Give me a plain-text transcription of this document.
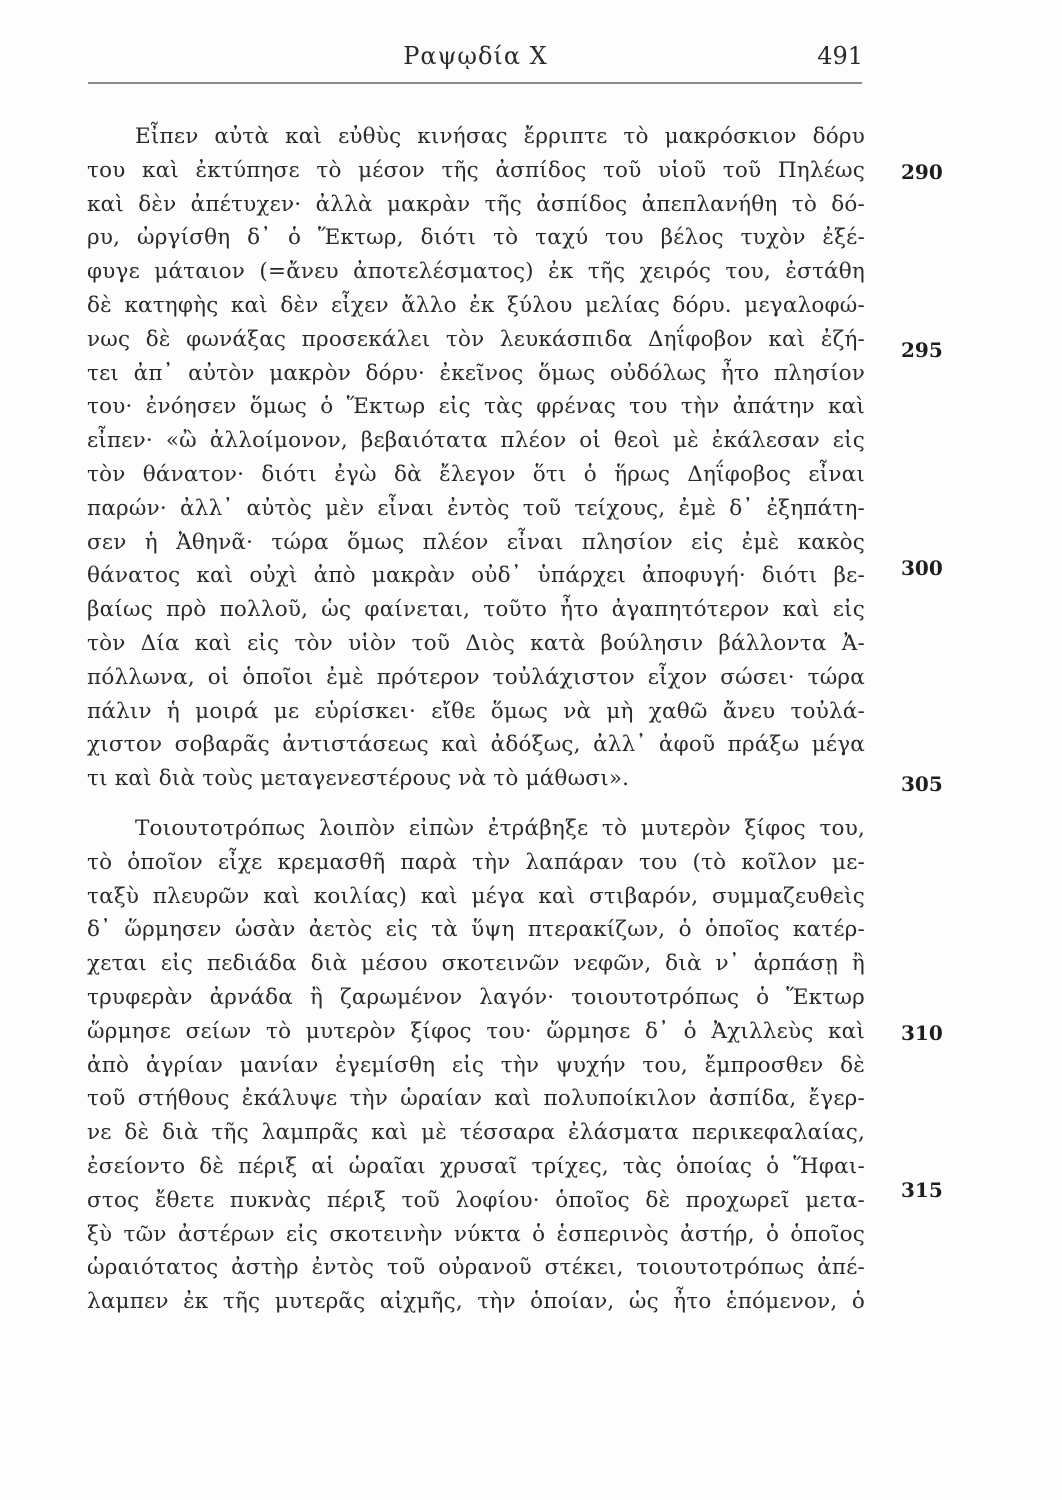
Ραψῳδία Χ	491
Εἶπεν αὐτὰ καὶ εὐθὺς κινήσας ἔρριπτε τὸ μακρόσκιον δόρυ
του καὶ ἐκτύπησε τὸ μέσον τῆς ἀσπίδος τοῦ υἱοῦ τοῦ Πηλέως
καὶ δὲν ἀπέτυχεν· ἀλλὰ μακρὰν τῆς ἀσπίδος ἀπεπλανήθη τὸ δό-
ρυ, ὠργίσθη δ᾽ ὁ Ἕκτωρ, διότι τὸ ταχύ του βέλος τυχὸν ἐξέ-
φυγε μάταιον (=ἄνευ ἀποτελέσματος) ἐκ τῆς χειρός του, ἐστάθη
δὲ κατηφὴς καὶ δὲν εἶχεν ἄλλο ἐκ ξύλου μελίας δόρυ. μεγαλοφώ-
νως δὲ φωνάξας προσεκάλει τὸν λευκάσπιδα Δηΐφοβον καὶ ἐζή-
τει ἀπ᾽ αὐτὸν μακρὸν δόρυ· ἐκεῖνος ὅμως οὐδόλως ἦτο πλησίον
του· ἐνόησεν ὅμως ὁ Ἕκτωρ εἰς τὰς φρένας του τὴν ἀπάτην καὶ
εἶπεν· «ὢ ἀλλοίμονον, βεβαιότατα πλέον οἱ θεοὶ μὲ ἐκάλεσαν εἰς
τὸν θάνατον· διότι ἐγὼ δὰ ἔλεγον ὅτι ὁ ἥρως Δηΐφοβος εἶναι
παρών· ἀλλ᾽ αὐτὸς μὲν εἶναι ἐντὸς τοῦ τείχους, ἐμὲ δ᾽ ἐξηπάτη-
σεν ἡ Ἀθηνᾶ· τώρα ὅμως πλέον εἶναι πλησίον εἰς ἐμὲ κακὸς
θάνατος καὶ οὐχὶ ἀπὸ μακρὰν οὐδ᾽ ὑπάρχει ἀποφυγή· διότι βε-
βαίως πρὸ πολλοῦ, ὡς φαίνεται, τοῦτο ἦτο ἀγαπητότερον καὶ εἰς
τὸν Δία καὶ εἰς τὸν υἱὸν τοῦ Διὸς κατὰ βούλησιν βάλλοντα Ἀ-
πόλλωνα, οἱ ὁποῖοι ἐμὲ πρότερον τοὐλάχιστον εἶχον σώσει· τώρα
πάλιν ἡ μοιρά με εὑρίσκει· εἴθε ὅμως νὰ μὴ χαθῶ ἄνευ τοὐλά-
χιστον σοβαρᾶς ἀντιστάσεως καὶ ἀδόξως, ἀλλ᾽ ἀφοῦ πράξω μέγα
τι καὶ διὰ τοὺς μεταγενεστέρους νὰ τὸ μάθωσι».
Τοιουτοτρόπως λοιπὸν εἰπὼν ἐτράβηξε τὸ μυτερὸν ξίφος του,
τὸ ὁποῖον εἶχε κρεμασθῆ παρὰ τὴν λαπάραν του (τὸ κοῖλον με-
ταξὺ πλευρῶν καὶ κοιλίας) καὶ μέγα καὶ στιβαρόν, συμμαζευθεὶς
δ᾽ ὥρμησεν ὡσὰν ἀετὸς εἰς τὰ ὕψη πτερακίζων, ὁ ὁποῖος κατέρ-
χεται εἰς πεδιάδα διὰ μέσου σκοτεινῶν νεφῶν, διὰ ν᾽ ἁρπάσῃ ἢ
τρυφερὰν ἀρνάδα ἢ ζαρωμένον λαγόν· τοιουτοτρόπως ὁ Ἕκτωρ
ὥρμησε σείων τὸ μυτερὸν ξίφος του· ὥρμησε δ᾽ ὁ Ἀχιλλεὺς καὶ
ἀπὸ ἀγρίαν μανίαν ἐγεμίσθη εἰς τὴν ψυχήν του, ἔμπροσθεν δὲ
τοῦ στήθους ἐκάλυψε τὴν ὡραίαν καὶ πολυποίκιλον ἀσπίδα, ἔγερ-
νε δὲ διὰ τῆς λαμπρᾶς καὶ μὲ τέσσαρα ἐλάσματα περικεφαλαίας,
ἐσείοντο δὲ πέριξ αἱ ὡραῖαι χρυσαῖ τρίχες, τὰς ὁποίας ὁ Ἥφαι-
στος ἔθετε πυκνὰς πέριξ τοῦ λοφίου· ὁποῖος δὲ προχωρεῖ μετα-
ξὺ τῶν ἀστέρων εἰς σκοτεινὴν νύκτα ὁ ἑσπερινὸς ἀστήρ, ὁ ὁποῖος
ὡραιότατος ἀστὴρ ἐντὸς τοῦ οὐρανοῦ στέκει, τοιουτοτρόπως ἀπέ-
λαμπεν ἐκ τῆς μυτερᾶς αἰχμῆς, τὴν ὁποίαν, ὡς ἦτο ἑπόμενον, ὁ
290
295
300
305
310
315
